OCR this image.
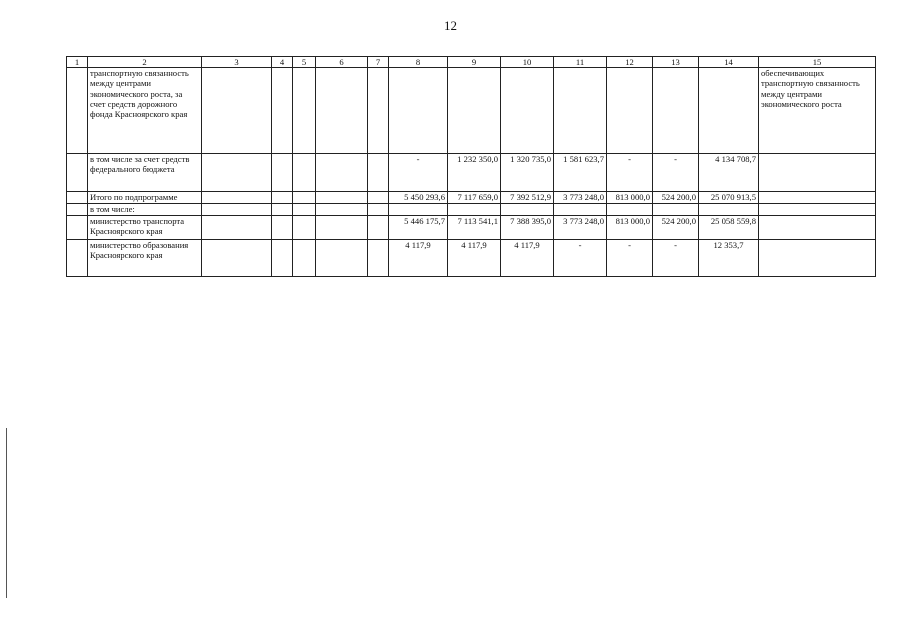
12
1	2	3	4	5	6	7	8	9	10	11	12	13	14	15
	транспортную связанность между центрами экономического роста, за счет средств дорожного фонда Красноярского края													обеспечивающих транспортную связанность между центрами экономического роста
	в том числе за счет средств федерального бюджета						-	1 232 350,0	1 320 735,0	1 581 623,7	-	-	4 134 708,7	
	Итого по подпрограмме						5 450 293,6	7 117 659,0	7 392 512,9	3 773 248,0	813 000,0	524 200,0	25 070 913,5	
	в том числе:													
	министерство транспорта Красноярского края						5 446 175,7	7 113 541,1	7 388 395,0	3 773 248,0	813 000,0	524 200,0	25 058 559,8	
	министерство образования Красноярского края						4 117,9	4 117,9	4 117,9	-	-	-	12 353,7	
